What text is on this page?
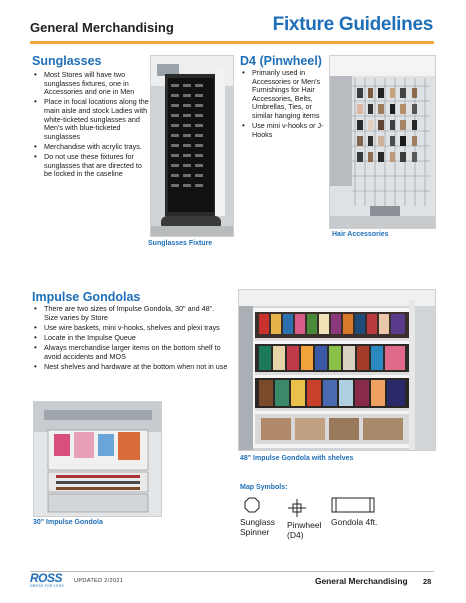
General Merchandising	Fixture Guidelines
Sunglasses
• Most Stores will have two sunglasses fixtures, one in Accessories and one in Men
• Place in focal locations along the main aisle and stock Ladies with white-ticketed sunglasses and Men's with blue-ticketed sunglasses
• Merchandise with acrylic trays.
• Do not use these fixtures for sunglasses that are directed to be locked in the caseline
Sunglasses Fixture
D4 (Pinwheel)
• Primarily used in Accessories or Men's Furnishings for Hair Accessories, Belts, Umbrellas, Ties, or similar hanging items
• Use mini v-hooks or J-Hooks
Hair Accessories
Impulse Gondolas
• There are two sizes of Impulse Gondola, 30" and 48". Size varies by Store
• Use wire baskets, mini v-hooks, shelves and plexi trays
• Locate in the Impulse Queue
• Always merchandise larger items on the bottom shelf to avoid accidents and MOS
• Nest shelves and hardware at the bottom when not in use
30" Impulse Gondola
48" Impulse Gondola with shelves
Map Symbols:
Sunglass Spinner
Pinwheel (D4)
Gondola 4ft.
ROSS
DRESS FOR LESS
UPDATED 2/2021	General Merchandising 28
